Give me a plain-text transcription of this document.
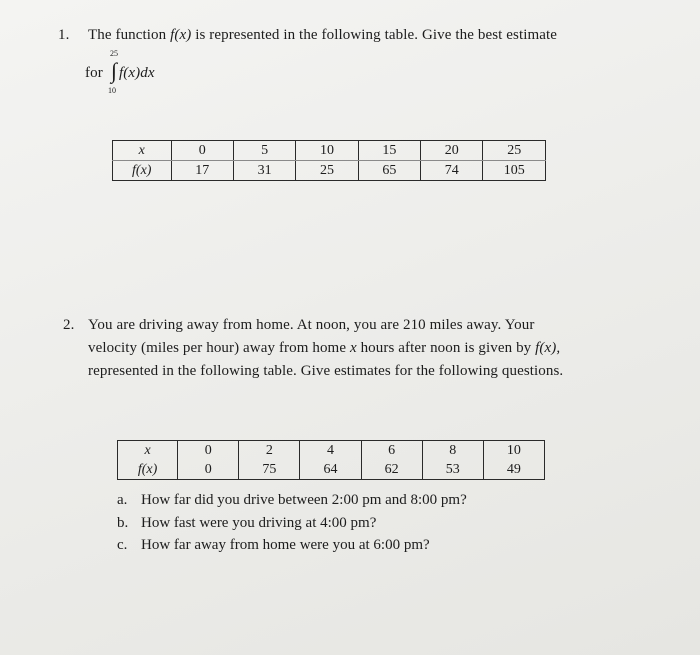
1. The function f(x) is represented in the following table. Give the best estimate
for
25
∫
10
f(x)dx
x	0	5	10	15	20	25
f(x)	17	31	25	65	74	105
2. You are driving away from home. At noon, you are 210 miles away. Your
velocity (miles per hour) away from home x hours after noon is given by f(x),
represented in the following table. Give estimates for the following questions.
x	0	2	4	6	8	10
f(x)	0	75	64	62	53	49
a. How far did you drive between 2:00 pm and 8:00 pm?
b. How fast were you driving at 4:00 pm?
c. How far away from home were you at 6:00 pm?
